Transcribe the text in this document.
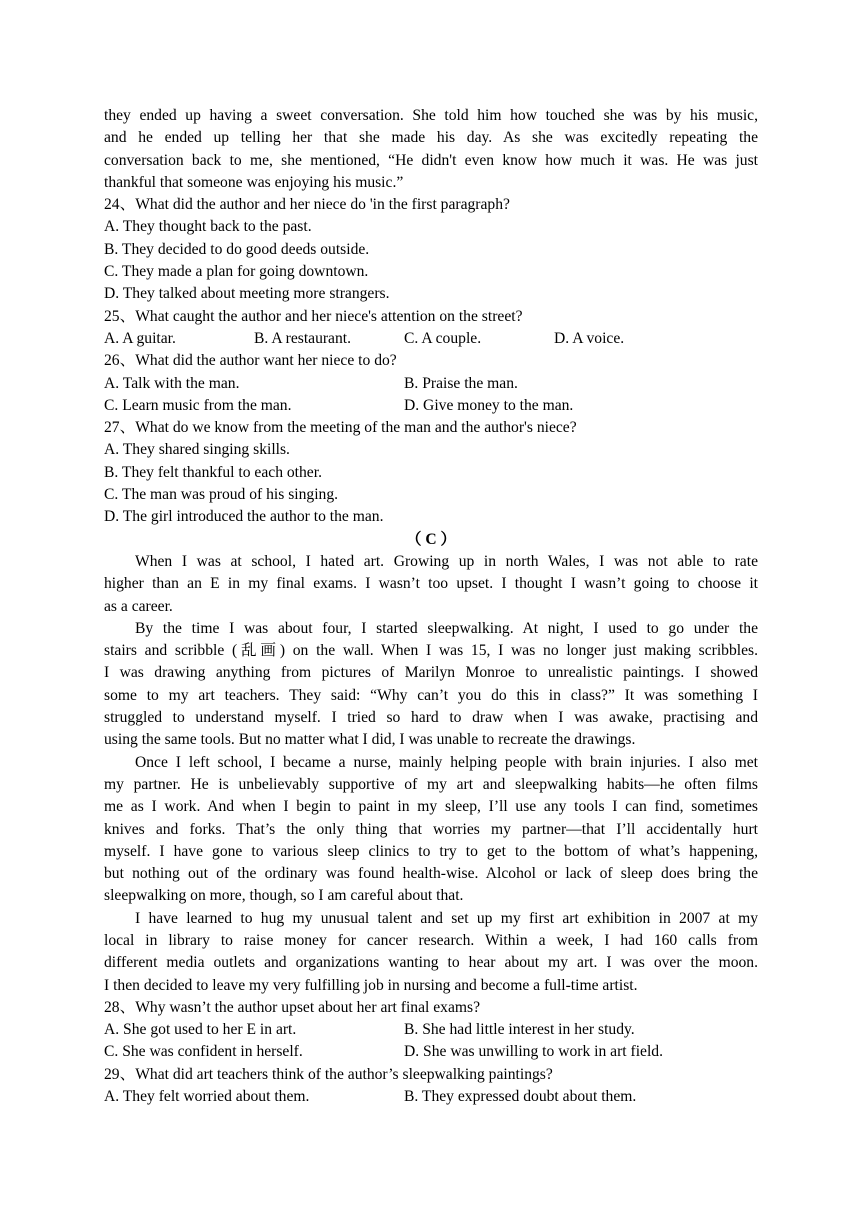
they ended up having a sweet conversation. She told him how touched she was by his music,
and he ended up telling her that she made his day. As she was excitedly repeating the
conversation back to me, she mentioned, “He didn't even know how much it was. He was just
thankful that someone was enjoying his music.”
24、What did the author and her niece do 'in the first paragraph?
A. They thought back to the past.
B. They decided to do good deeds outside.
C. They made a plan for going downtown.
D. They talked about meeting more strangers.
25、What caught the author and her niece's attention on the street?
A. A guitar.	B. A restaurant.	C. A couple.	D. A voice.
26、What did the author want her niece to do?
A. Talk with the man.	B. Praise the man.
C. Learn music from the man.	D. Give money to the man.
27、What do we know from the meeting of the man and the author's niece?
A. They shared singing skills.
B. They felt thankful to each other.
C. The man was proud of his singing.
D. The girl introduced the author to the man.
（ C ）
When I was at school, I hated art. Growing up in north Wales, I was not able to rate
higher than an E in my final exams. I wasn’t too upset. I thought I wasn’t going to choose it
as a career.
By the time I was about four, I started sleepwalking. At night, I used to go under the
stairs and scribble (乱画) on the wall. When I was 15, I was no longer just making scribbles.
I was drawing anything from pictures of Marilyn Monroe to unrealistic paintings. I showed
some to my art teachers. They said: “Why can’t you do this in class?” It was something I
struggled to understand myself. I tried so hard to draw when I was awake, practising and
using the same tools. But no matter what I did, I was unable to recreate the drawings.
Once I left school, I became a nurse, mainly helping people with brain injuries. I also met
my partner. He is unbelievably supportive of my art and sleepwalking habits—he often films
me as I work. And when I begin to paint in my sleep, I’ll use any tools I can find, sometimes
knives and forks. That’s the only thing that worries my partner—that I’ll accidentally hurt
myself. I have gone to various sleep clinics to try to get to the bottom of what’s happening,
but nothing out of the ordinary was found health-wise. Alcohol or lack of sleep does bring the
sleepwalking on more, though, so I am careful about that.
I have learned to hug my unusual talent and set up my first art exhibition in 2007 at my
local in library to raise money for cancer research. Within a week, I had 160 calls from
different media outlets and organizations wanting to hear about my art. I was over the moon.
I then decided to leave my very fulfilling job in nursing and become a full-time artist.
28、Why wasn’t the author upset about her art final exams?
A. She got used to her E in art.	B. She had little interest in her study.
C. She was confident in herself.	D. She was unwilling to work in art field.
29、What did art teachers think of the author’s sleepwalking paintings?
A. They felt worried about them.	B. They expressed doubt about them.
